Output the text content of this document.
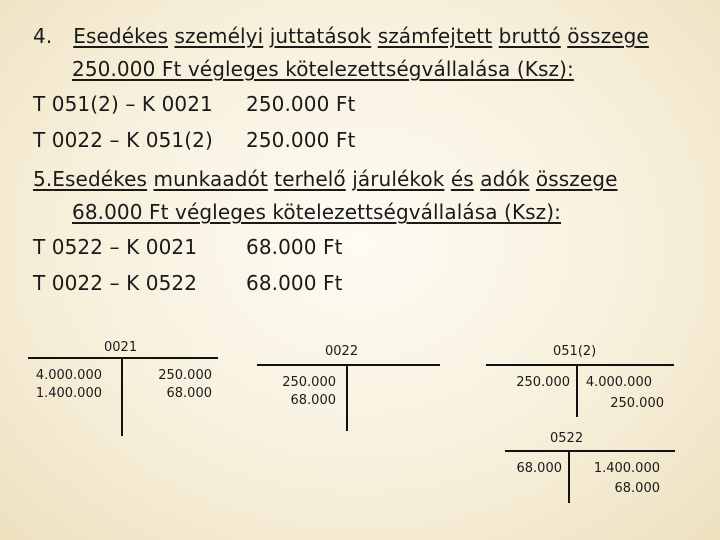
4. Esedékes személyi juttatások számfejtett bruttó összege
250.000 Ft végleges kötelezettségvállalása (Ksz):
T 051(2) – K 0021 250.000 Ft
T 0022 – K 051(2) 250.000 Ft
5.Esedékes munkaadót terhelő járulékok és adók összege
68.000 Ft végleges kötelezettségvállalása (Ksz):
T 0522 – K 0021 68.000 Ft
T 0022 – K 0522 68.000 Ft
0021
4.000.000
1.400.000
250.000
68.000
0022
250.000
68.000
051(2)
250.000	4.000.000
250.000
0522
68.000	1.400.000
68.000
